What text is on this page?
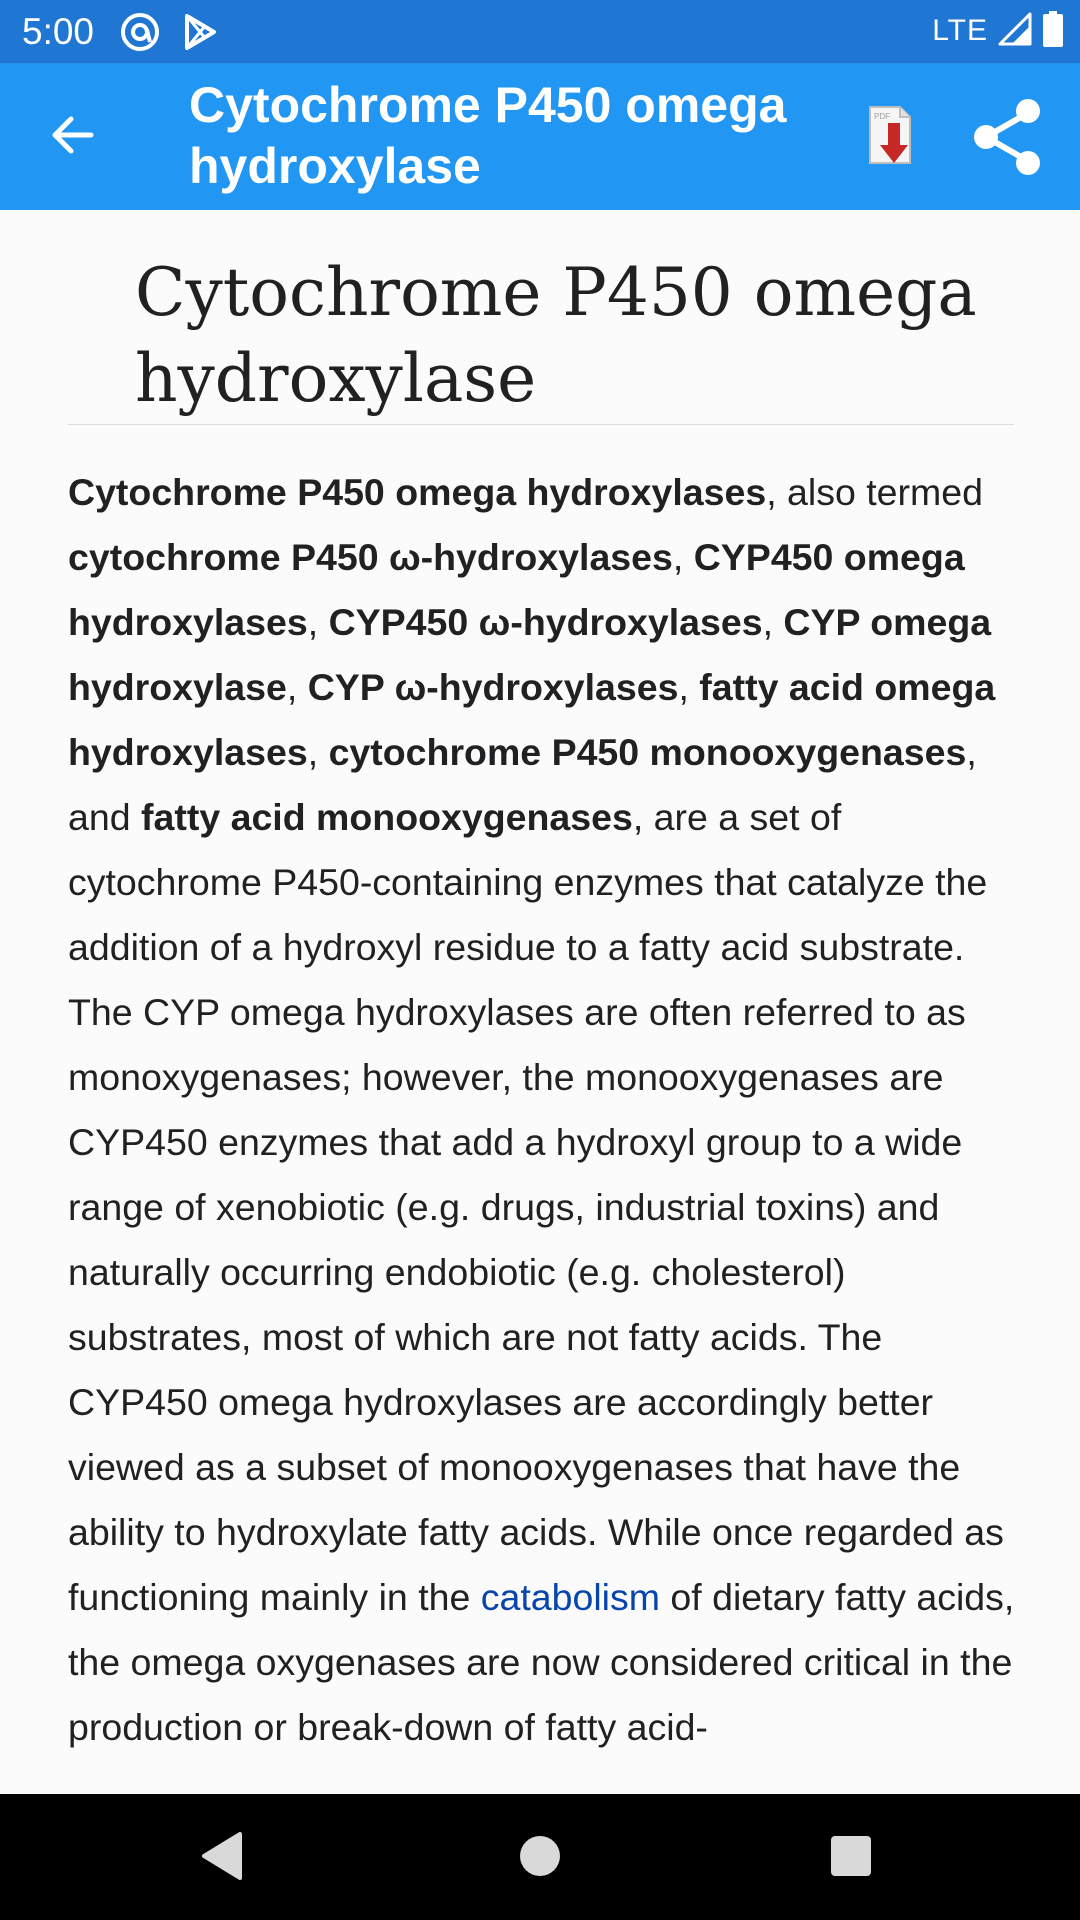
5:00	LTE
Cytochrome P450 omega hydroxylase
PDF
Cytochrome P450 omega hydroxylase

Cytochrome P450 omega hydroxylases, also termed cytochrome P450 ω-hydroxylases, CYP450 omega hydroxylases, CYP450 ω-hydroxylases, CYP omega hydroxylase, CYP ω-hydroxylases, fatty acid omega hydroxylases, cytochrome P450 monooxygenases, and fatty acid monooxygenases, are a set of cytochrome P450-containing enzymes that catalyze the addition of a hydroxyl residue to a fatty acid substrate. The CYP omega hydroxylases are often referred to as monoxygenases; however, the monooxygenases are CYP450 enzymes that add a hydroxyl group to a wide range of xenobiotic (e.g. drugs, industrial toxins) and naturally occurring endobiotic (e.g. cholesterol) substrates, most of which are not fatty acids. The CYP450 omega hydroxylases are accordingly better viewed as a subset of monooxygenases that have the ability to hydroxylate fatty acids. While once regarded as functioning mainly in the catabolism of dietary fatty acids, the omega oxygenases are now considered critical in the production or break-down of fatty acid-
